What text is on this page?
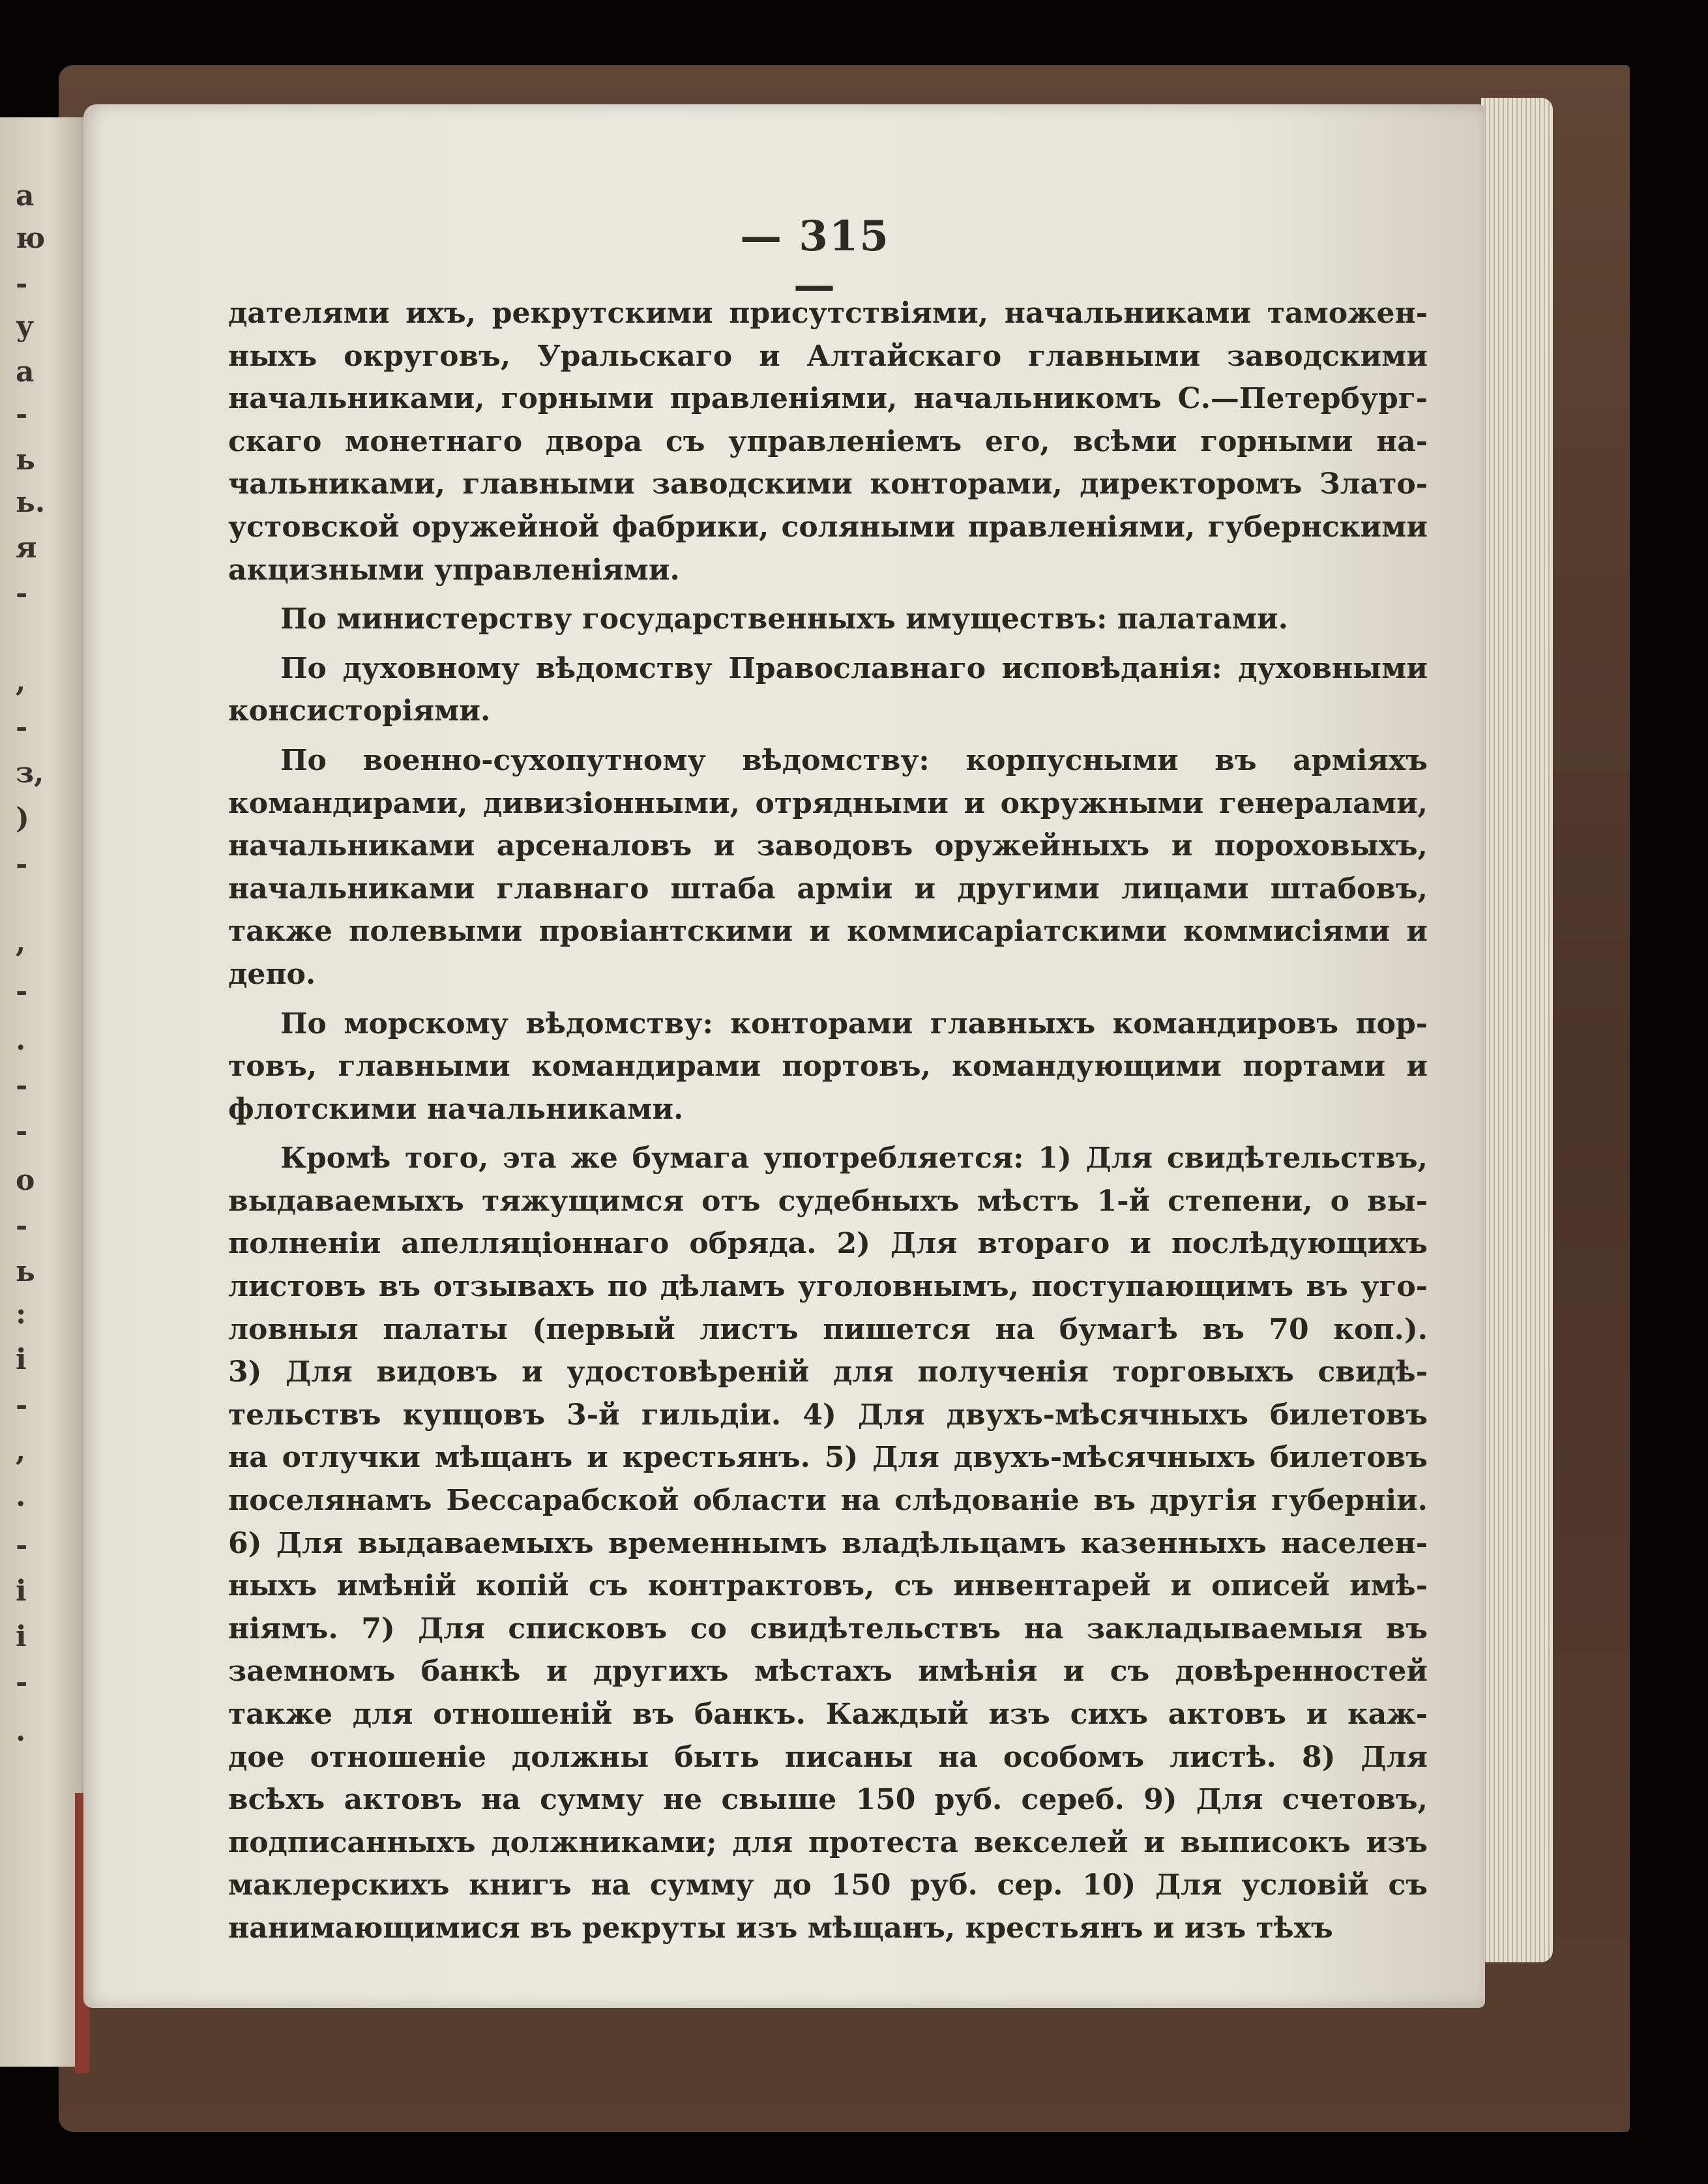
а
ю
-
у
а
-
ь
ь.
я
-
,
-
з,
)
-
,
-
.
-
-
о
-
ь
:
і
-
,
.
-
і
і
-
.
— 315 —

дателями ихъ, рекрутскими присутствіями, начальниками таможен-
ныхъ округовъ, Уральскаго и Алтайскаго главными заводскими
начальниками, горными правленіями, начальникомъ С.—Петербург-
скаго монетнаго двора съ управленіемъ его, всѣми горными на-
чальниками, главными заводскими конторами, директоромъ Злато-
устовской оружейной фабрики, соляными правленіями, губернскими
акцизными управленіями.

По министерству государственныхъ имуществъ: палатами.

По духовному вѣдомству Православнаго исповѣданія: духовными
консисторіями.

По военно-сухопутному вѣдомству: корпусными въ арміяхъ
командирами, дивизіонными, отрядными и окружными генералами,
начальниками арсеналовъ и заводовъ оружейныхъ и пороховыхъ,
начальниками главнаго штаба арміи и другими лицами штабовъ,
также полевыми провіантскими и коммисаріатскими коммисіями и
депо.

По морскому вѣдомству: конторами главныхъ командировъ пор-
товъ, главными командирами портовъ, командующими портами и
флотскими начальниками.

Кромѣ того, эта же бумага употребляется: 1) Для свидѣтельствъ,
выдаваемыхъ тяжущимся отъ судебныхъ мѣстъ 1-й степени, о вы-
полненіи апелляціоннаго обряда. 2) Для втораго и послѣдующихъ
листовъ въ отзывахъ по дѣламъ уголовнымъ, поступающимъ въ уго-
ловныя палаты (первый листъ пишется на бумагѣ въ 70 коп.).
3) Для видовъ и удостовѣреній для полученія торговыхъ свидѣ-
тельствъ купцовъ 3-й гильдіи. 4) Для двухъ-мѣсячныхъ билетовъ
на отлучки мѣщанъ и крестьянъ. 5) Для двухъ-мѣсячныхъ билетовъ
поселянамъ Бессарабской области на слѣдованіе въ другія губерніи.
6) Для выдаваемыхъ временнымъ владѣльцамъ казенныхъ населен-
ныхъ имѣній копій съ контрактовъ, съ инвентарей и описей имѣ-
ніямъ. 7) Для списковъ со свидѣтельствъ на закладываемыя въ
заемномъ банкѣ и другихъ мѣстахъ имѣнія и съ довѣренностей
также для отношеній въ банкъ. Каждый изъ сихъ актовъ и каж-
дое отношеніе должны быть писаны на особомъ листѣ. 8) Для
всѣхъ актовъ на сумму не свыше 150 руб. сереб. 9) Для счетовъ,
подписанныхъ должниками; для протеста векселей и выписокъ изъ
маклерскихъ книгъ на сумму до 150 руб. сер. 10) Для условій съ
нанимающимися въ рекруты изъ мѣщанъ, крестьянъ и изъ тѣхъ
